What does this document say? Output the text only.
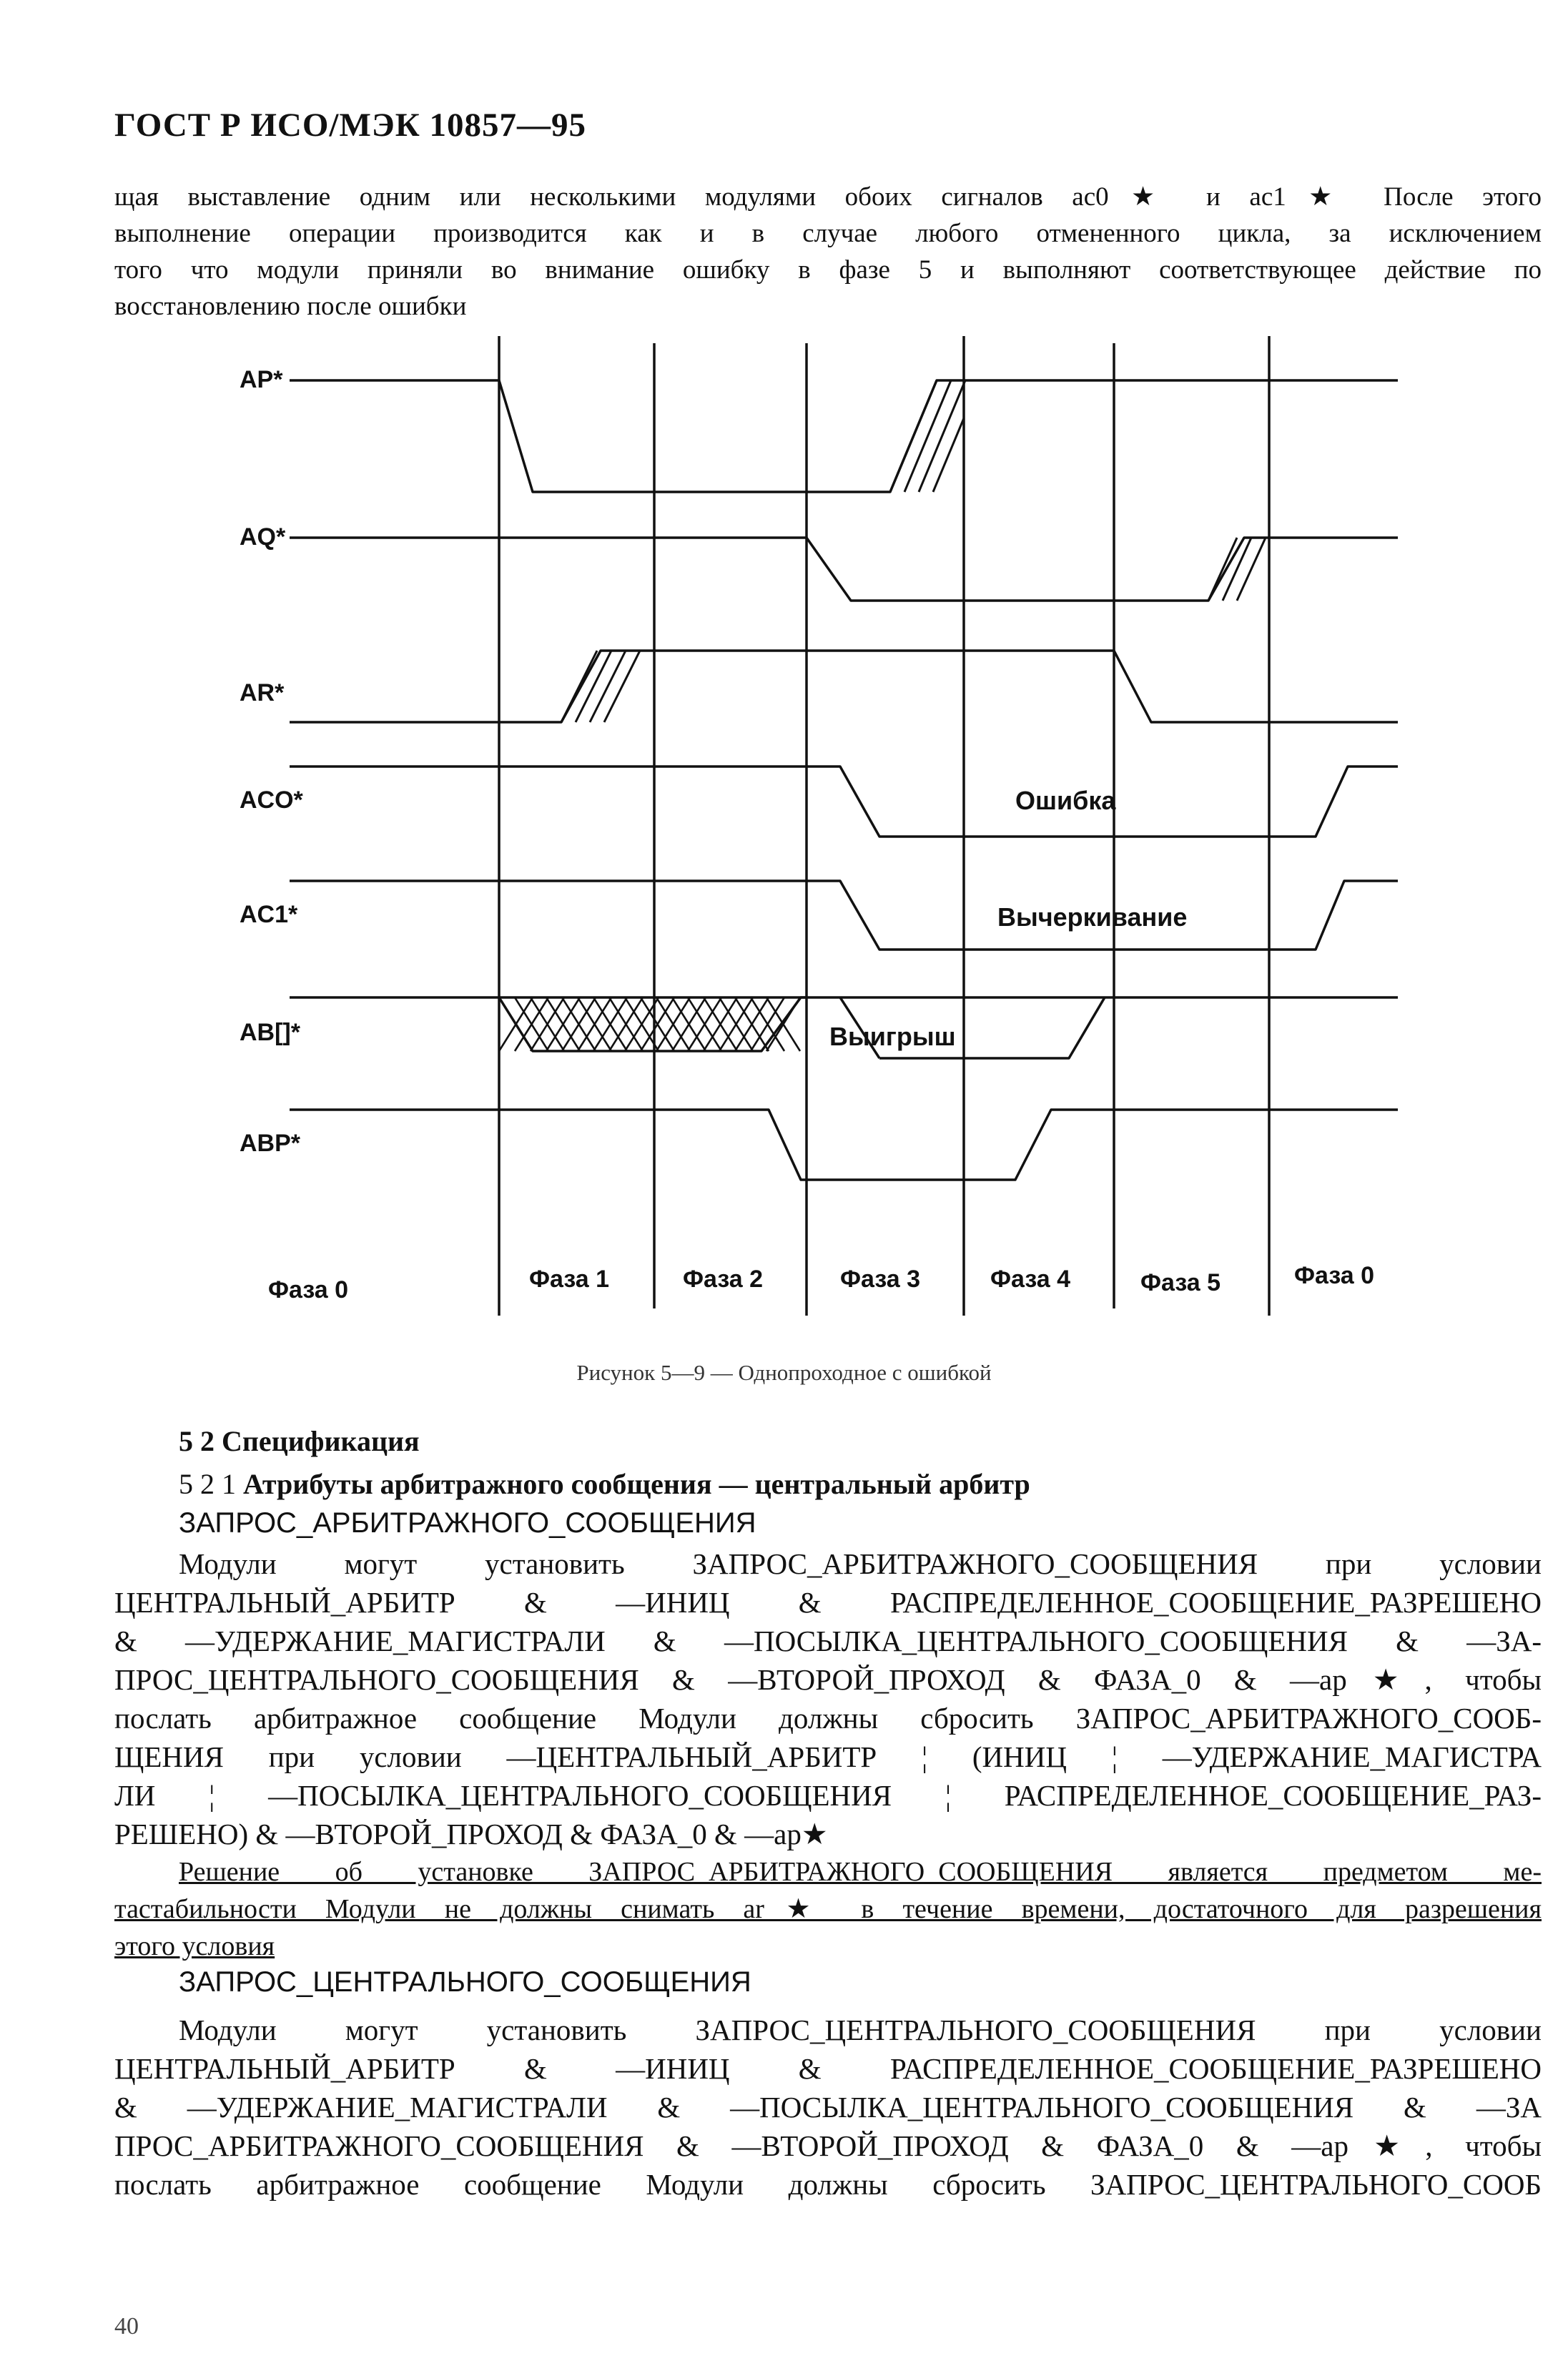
ГОСТ Р ИСО/МЭК 10857—95
щая выставление одним или несколькими модулями обоих сигналов ас0★ и ас1★ После этого
выполнение операции производится как и в случае любого отмененного цикла, за исключением
того что модули приняли во внимание ошибку в фазе 5 и выполняют соответствующее действие по
восстановлению после ошибки
AP*
AQ*
AR*
ACO*
AC1*
AB[]*
ABP*
Ошибка
Вычеркивание
Выигрыш
Фаза 0	Фаза 1	Фаза 2	Фаза 3	Фаза 4	Фаза 5	Фаза 0
Рисунок 5—9 — Однопроходное с ошибкой
5 2 Спецификация
5 2 1 Атрибуты арбитражного сообщения — центральный арбитр
ЗАПРОС_АРБИТРАЖНОГО_СООБЩЕНИЯ
Модули могут установить ЗАПРОС_АРБИТРАЖНОГО_СООБЩЕНИЯ при условии
ЦЕНТРАЛЬНЫЙ_АРБИТР & —ИНИЦ & РАСПРЕДЕЛЕННОЕ_СООБЩЕНИЕ_РАЗРЕШЕНО
& —УДЕРЖАНИЕ_МАГИСТРАЛИ & —ПОСЫЛКА_ЦЕНТРАЛЬНОГО_СООБЩЕНИЯ & —ЗА-
ПРОС_ЦЕНТРАЛЬНОГО_СООБЩЕНИЯ & —ВТОРОЙ_ПРОХОД & ФАЗА_0 & —ар★, чтобы
послать арбитражное сообщение Модули должны сбросить ЗАПРОС_АРБИТРАЖНОГО_СООБ-
ЩЕНИЯ при условии —ЦЕНТРАЛЬНЫЙ_АРБИТР ¦ (ИНИЦ ¦ —УДЕРЖАНИЕ_МАГИСТРА
ЛИ ¦ —ПОСЫЛКА_ЦЕНТРАЛЬНОГО_СООБЩЕНИЯ ¦ РАСПРЕДЕЛЕННОЕ_СООБЩЕНИЕ_РАЗ-
РЕШЕНО) & —ВТОРОЙ_ПРОХОД & ФАЗА_0 & —ар★
Решение об установке ЗАПРОС_АРБИТРАЖНОГО_СООБЩЕНИЯ является предметом ме-
тастабильности Модули не должны снимать ar★ в течение времени, достаточного для разрешения
этого условия
ЗАПРОС_ЦЕНТРАЛЬНОГО_СООБЩЕНИЯ
Модули могут установить ЗАПРОС_ЦЕНТРАЛЬНОГО_СООБЩЕНИЯ при условии
ЦЕНТРАЛЬНЫЙ_АРБИТР & —ИНИЦ & РАСПРЕДЕЛЕННОЕ_СООБЩЕНИЕ_РАЗРЕШЕНО
& —УДЕРЖАНИЕ_МАГИСТРАЛИ & —ПОСЫЛКА_ЦЕНТРАЛЬНОГО_СООБЩЕНИЯ & —ЗА
ПРОС_АРБИТРАЖНОГО_СООБЩЕНИЯ & —ВТОРОЙ_ПРОХОД & ФАЗА_0 & —ар★, чтобы
послать арбитражное сообщение Модули должны сбросить ЗАПРОС_ЦЕНТРАЛЬНОГО_СООБ
40
